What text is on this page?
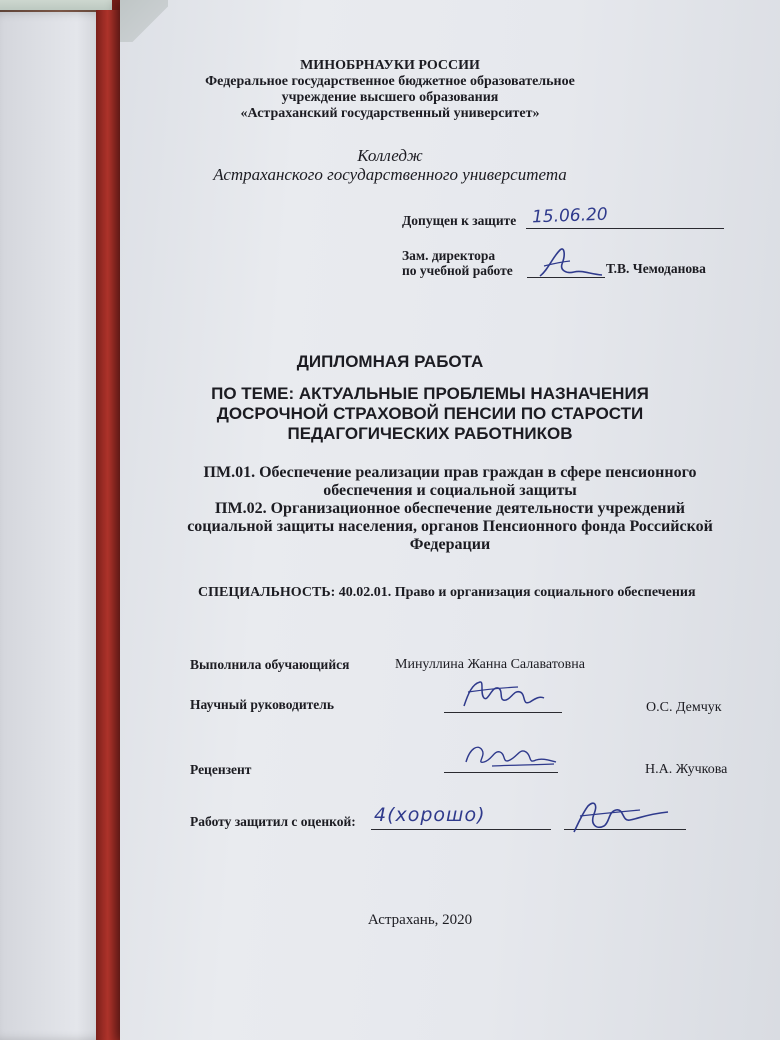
МИНОБРНАУКИ РОССИИ
Федеральное государственное бюджетное образовательное
учреждение высшего образования
«Астраханский государственный университет»
Колледж
Астраханского государственного университета
Допущен к защите 15.06.20
Зам. директора
по учебной работе	Т.В. Чемоданова
ДИПЛОМНАЯ РАБОТА
ПО ТЕМЕ: АКТУАЛЬНЫЕ ПРОБЛЕМЫ НАЗНАЧЕНИЯ
ДОСРОЧНОЙ СТРАХОВОЙ ПЕНСИИ ПО СТАРОСТИ
ПЕДАГОГИЧЕСКИХ РАБОТНИКОВ
ПМ.01. Обеспечение реализации прав граждан в сфере пенсионного
обеспечения и социальной защиты
ПМ.02. Организационное обеспечение деятельности учреждений
социальной защиты населения, органов Пенсионного фонда Российской
Федерации
СПЕЦИАЛЬНОСТЬ: 40.02.01. Право и организация социального обеспечения
Выполнила обучающийся	Минуллина Жанна Салаватовна
Научный руководитель	О.С. Демчук
Рецензент	Н.А. Жучкова
Работу защитил с оценкой: 4(хорошо)
Астрахань, 2020
